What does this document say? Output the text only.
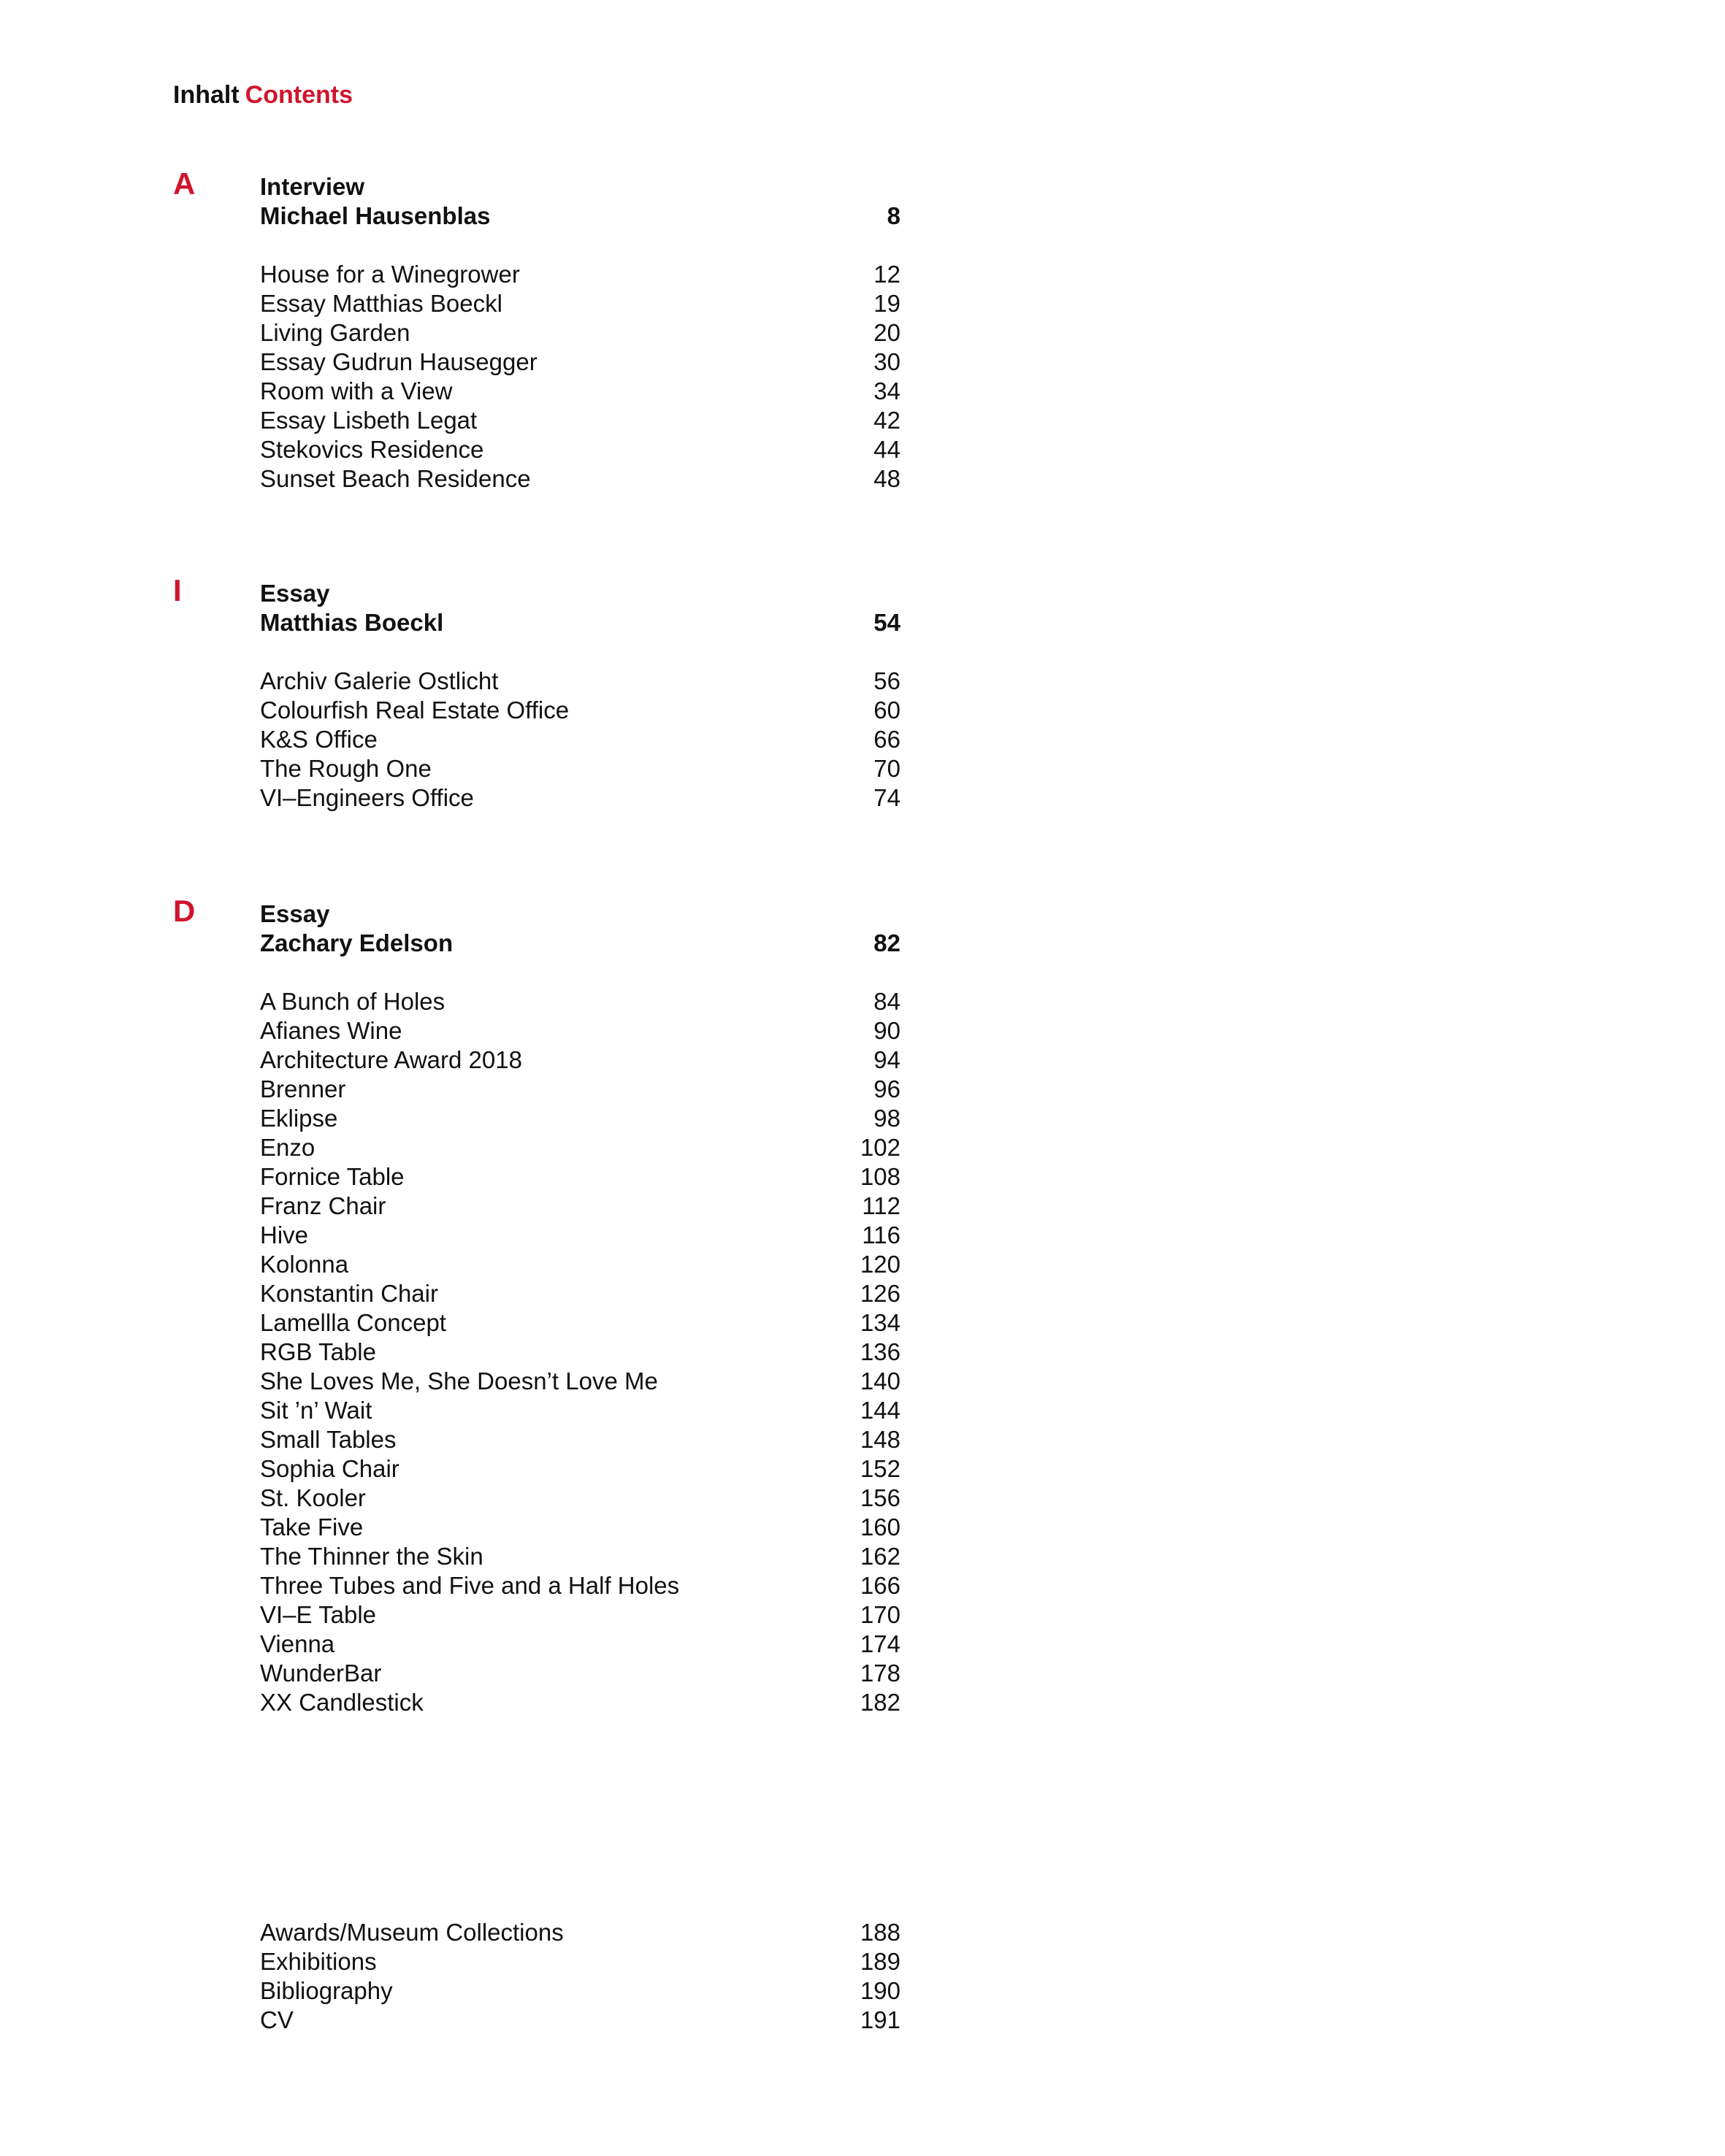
Inhalt Contents
A	Interview
Michael Hausenblas	8
House for a Winegrower	12
Essay Matthias Boeckl	19
Living Garden	20
Essay Gudrun Hausegger	30
Room with a View	34
Essay Lisbeth Legat	42
Stekovics Residence	44
Sunset Beach Residence	48
I	Essay
Matthias Boeckl	54
Archiv Galerie Ostlicht	56
Colourfish Real Estate Office	60
K&S Office	66
The Rough One	70
VI–Engineers Office	74
D	Essay
Zachary Edelson	82
A Bunch of Holes	84
Afianes Wine	90
Architecture Award 2018	94
Brenner	96
Eklipse	98
Enzo	102
Fornice Table	108
Franz Chair	112
Hive	116
Kolonna	120
Konstantin Chair	126
Lamellla Concept	134
RGB Table	136
She Loves Me, She Doesn’t Love Me	140
Sit ’n’ Wait	144
Small Tables	148
Sophia Chair	152
St. Kooler	156
Take Five	160
The Thinner the Skin	162
Three Tubes and Five and a Half Holes	166
VI–E Table	170
Vienna	174
WunderBar	178
XX Candlestick	182
Awards/Museum Collections	188
Exhibitions	189
Bibliography	190
CV	191
